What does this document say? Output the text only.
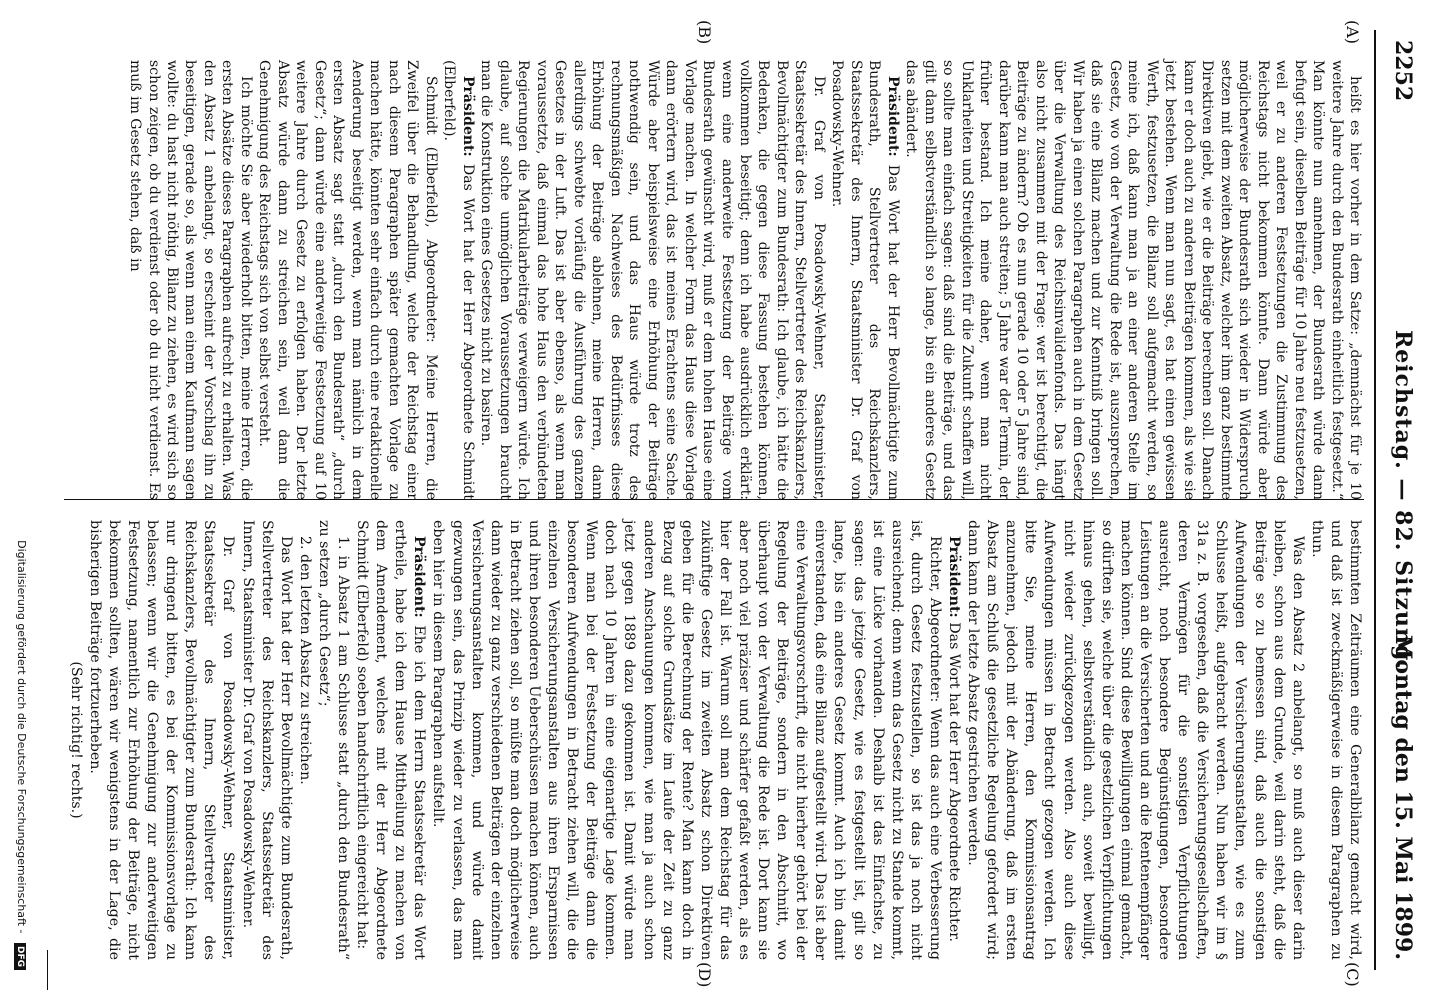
2252
Reichstag. — 82. Sitzung.
Montag den 15. Mai 1899.
(A)
(B)
(C)
(D)

heißt es hier vorher in dem Satze: „demnächst für je 10 weitere Jahre durch den Bundesrath einheitlich festgesetzt.“ Man könnte nun annehmen, der Bundesrath würde dann befugt sein, dieselben Beiträge für 10 Jahre neu festzusetzen, weil er zu anderen Festsetzungen die Zustimmung des Reichstags nicht bekommen könnte. Dann würde aber möglicherweise der Bundesrath sich wieder in Widerspruch setzen mit dem zweiten Absatz, welcher ihm ganz bestimmte Direktiven giebt, wie er die Beiträge berechnen soll. Danach kann er doch auch zu anderen Beiträgen kommen, als wie sie jetzt bestehen. Wenn man nun sagt, es hat einen gewissen Werth, festzusetzen, die Bilanz soll aufgemacht werden, so meine ich, daß kann man ja an einer anderen Stelle im Gesetz, wo von der Verwaltung die Rede ist, auszusprechen, daß sie eine Bilanz machen und zur Kenntniß bringen soll. Wir haben ja einen solchen Paragraphen auch in dem Gesetz über die Verwaltung des Reichsinvalidenfonds. Das hängt also nicht zusammen mit der Frage: wer ist berechtigt, die Beiträge zu ändern? Ob es nun gerade 10 oder 5 Jahre sind, darüber kann man auch streiten; 5 Jahre war der Termin, der früher bestand. Ich meine daher, wenn man nicht Unklarheiten und Streitigkeiten für die Zukunft schaffen will, so sollte man einfach sagen: daß sind die Beiträge, und das gilt dann selbstverständlich so lange, bis ein anderes Gesetz das abändert.

Präsident: Das Wort hat der Herr Bevollmächtigte zum Bundesrath, Stellvertreter des Reichskanzlers, Staatssekretär des Innern, Staatsminister Dr. Graf von Posadowsky-Wehner.

Dr. Graf von Posadowsky-Wehner, Staatsminister, Staatssekretär des Innern, Stellvertreter des Reichskanzlers, Bevollmächtigter zum Bundesrath: Ich glaube, ich hätte die Bedenken, die gegen diese Fassung bestehen können, vollkommen beseitigt; denn ich habe ausdrücklich erklärt: wenn eine anderweite Festsetzung der Beiträge vom Bundesrath gewünscht wird, muß er dem hohen Hause eine Vorlage machen. In welcher Form das Haus diese Vorlage dann erörtern wird, das ist meines Erachtens seine Sache. Würde aber beispielsweise eine Erhöhung der Beiträge nothwendig sein, und das Haus würde trotz des rechnungsmäßigen Nachweises des Bedürfnisses diese Erhöhung der Beiträge ablehnen, meine Herren, dann allerdings schwebte vorläufig die Ausführung des ganzen Gesetzes in der Luft. Das ist aber ebenso, als wenn man voraussetzte, daß einmal das hohe Haus den verbündeten Regierungen die Matrikularbeiträge verweigern würde. Ich glaube, auf solche unmöglichen Voraussetzungen braucht man die Konstruktion eines Gesetzes nicht zu basiren.

Präsident: Das Wort hat der Herr Abgeordnete Schmidt (Elberfeld).

Schmidt (Elberfeld), Abgeordneter: Meine Herren, die Zweifel über die Behandlung, welche der Reichstag einer nach diesem Paragraphen später gemachten Vorlage zu machen hätte, könnten sehr einfach durch eine redaktionelle Aenderung beseitigt werden, wenn man nämlich in dem ersten Absatz sagt statt „durch den Bundesrath“ „durch Gesetz“; dann würde eine anderweitige Festsetzung auf 10 weitere Jahre durch Gesetz zu erfolgen haben. Der letzte Absatz würde dann zu streichen sein, weil dann die Genehmigung des Reichstags sich von selbst versteht.

Ich möchte Sie aber wiederholt bitten, meine Herren, die ersten Absätze dieses Paragraphen aufrecht zu erhalten. Was den Absatz 1 anbelangt, so erscheint der Vorschlag ihn zu beseitigen, gerade so, als wenn man einem Kaufmann sagen wollte: du hast nicht nöthig, Bilanz zu ziehen, es wird sich so schon zeigen, ob du verdienst oder ob du nicht verdienst. Es muß im Gesetz stehen, daß in

bestimmten Zeiträumen eine Generalbilanz gemacht wird, und daß ist zweckmäßigerweise in diesem Paragraphen zu thun.

Was den Absatz 2 anbelangt, so muß auch dieser darin bleiben, schon aus dem Grunde, weil darin steht, daß die Beiträge so zu bemessen sind, daß auch die sonstigen Aufwendungen der Versicherungsanstalten, wie es zum Schlusse heißt, aufgebracht werden. Nun haben wir im § 31a z. B. vorgesehen, daß die Versicherungsgesellschaften, deren Vermögen für die sonstigen Verpflichtungen ausreicht, noch besondere Begünstigungen, besondere Leistungen an die Versicherten und an die Rentenempfänger machen können. Sind diese Bewilligungen einmal gemacht, so dürften sie, welche über die gesetzlichen Verpflichtungen hinaus gehen, selbstverständlich auch, soweit bewilligt, nicht wieder zurückgezogen werden. Also auch diese Aufwendungen müssen in Betracht gezogen werden. Ich bitte Sie, meine Herren, den Kommissionsantrag anzunehmen, jedoch mit der Abänderung, daß im ersten Absatz am Schluß die gesetzliche Regelung gefordert wird; dann kann der letzte Absatz gestrichen werden.

Präsident: Das Wort hat der Herr Abgeordnete Richter.

Richter, Abgeordneter: Wenn das auch eine Verbesserung ist, durch Gesetz festzustellen, so ist das ja noch nicht ausreichend; denn wenn das Gesetz nicht zu Stande kommt, ist eine Lücke vorhanden. Deshalb ist das Einfachste, zu sagen: das jetzige Gesetz, wie es festgestellt ist, gilt so lange, bis ein anderes Gesetz kommt. Auch ich bin damit einverstanden, daß eine Bilanz aufgestellt wird. Das ist aber eine Verwaltungsvorschrift, die nicht hierher gehört bei der Regelung der Beiträge, sondern in den Abschnitt, wo überhaupt von der Verwaltung die Rede ist. Dort kann sie aber noch viel präziser und schärfer gefaßt werden, als es hier der Fall ist. Warum soll man dem Reichstag für das zukünftige Gesetz im zweiten Absatz schon Direktiven geben für die Berechnung der Rente? Man kann doch in Bezug auf solche Grundsätze im Laufe der Zeit zu ganz anderen Anschauungen kommen, wie man ja auch schon jetzt gegen 1889 dazu gekommen ist. Damit würde man doch nach 10 Jahren in eine eigenartige Lage kommen. Wenn man bei der Festsetzung der Beiträge dann die besonderen Aufwendungen in Betracht ziehen will, die die einzelnen Versicherungsanstalten aus ihren Ersparnissen und ihren besonderen Ueberschüssen machen können, auch in Betracht ziehen soll, so müßte man doch möglicherweise dann wieder zu ganz verschiedenen Beiträgen der einzelnen Versicherungsanstalten kommen, und würde damit gezwungen sein, das Prinzip wieder zu verlassen, das man eben hier in diesem Paragraphen aufstellt.

Präsident: Ehe ich dem Herrn Staatssekretär das Wort ertheile, habe ich dem Hause Mittheilung zu machen von dem Amendement, welches mit der Herr Abgeordnete Schmidt (Elberfeld) soeben handschriftlich eingereicht hat:

1. in Absatz 1 am Schlusse statt „durch den Bundesrath“ zu setzen „durch Gesetz“;

2. den letzten Absatz zu streichen.

Das Wort hat der Herr Bevollmächtigte zum Bundesrath, Stellvertreter des Reichskanzlers, Staatssekretär des Innern, Staatsminister Dr. Graf von Posadowsky-Wehner.

Dr. Graf von Posadowsky-Wehner, Staatsminister, Staatssekretär des Innern, Stellvertreter des Reichskanzlers, Bevollmächtigter zum Bundesrath: Ich kann nur dringend bitten, es bei der Kommissionsvorlage zu belassen; wenn wir die Genehmigung zur anderweitigen Festsetzung, namentlich zur Erhöhung der Beiträge, nicht bekommen sollten, wären wir wenigstens in der Lage, die bisherigen Beiträge fortzuerheben.

(Sehr richtig! rechts.)

Digitalisierung gefördert durch die Deutsche Forschungsgemeinschaft - DFG
